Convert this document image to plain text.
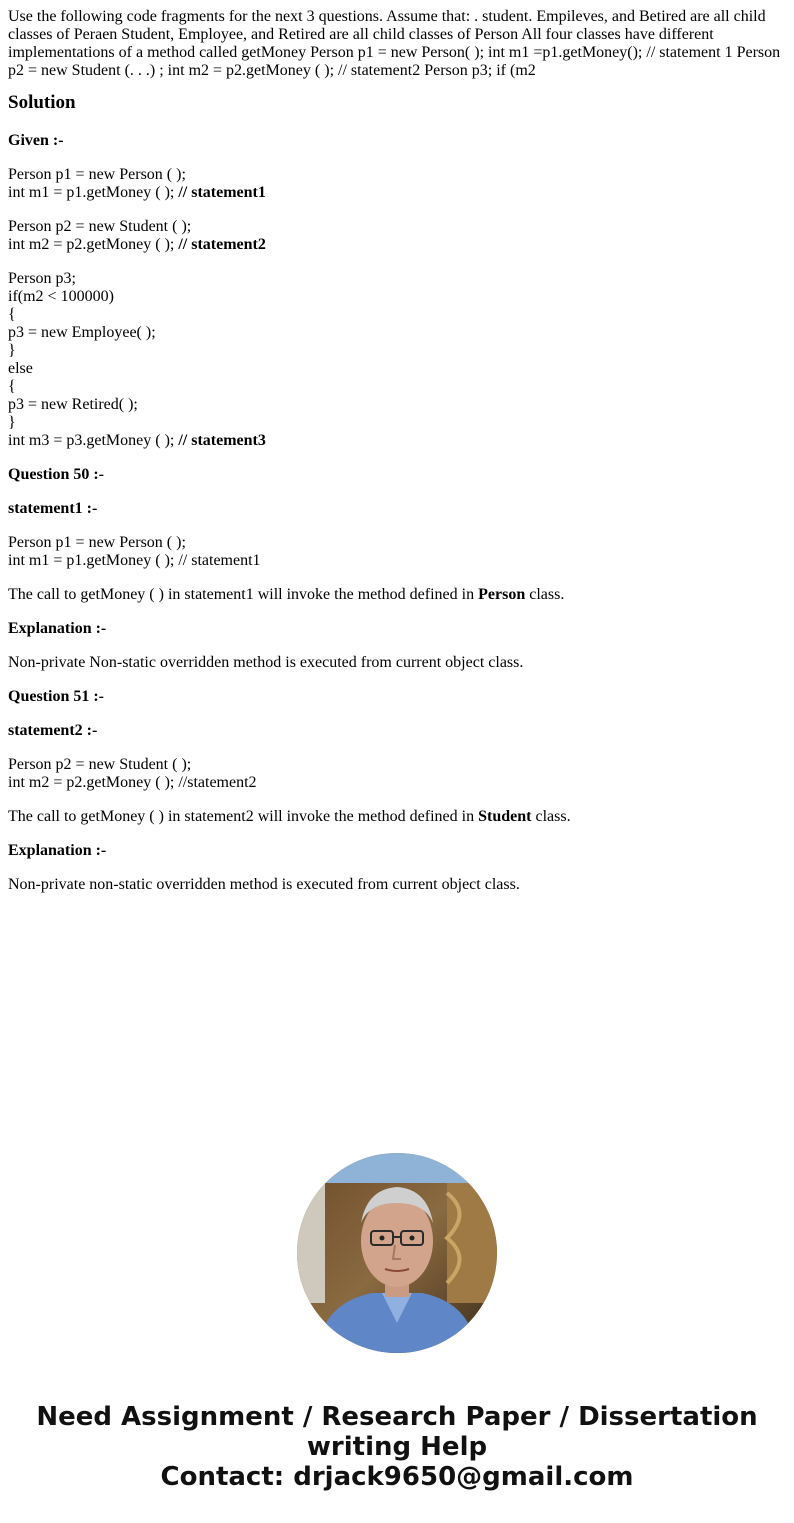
Use the following code fragments for the next 3 questions. Assume that: . student. Empileves, and Betired are all child classes of Peraen Student, Employee, and Retired are all child classes of Person All four classes have different implementations of a method called getMoney Person p1 = new Person( ); int m1 =p1.getMoney(); // statement 1 Person p2 = new Student (. . .) ; int m2 = p2.getMoney ( ); // statement2 Person p3; if (m2

Solution

Given :-

Person p1 = new Person ( );
int m1 = p1.getMoney ( ); // statement1

Person p2 = new Student ( );
int m2 = p2.getMoney ( ); // statement2

Person p3;
if(m2 < 100000)
{
p3 = new Employee( );
}
else
{
p3 = new Retired( );
}
int m3 = p3.getMoney ( ); // statement3

Question 50 :-

statement1 :-

Person p1 = new Person ( );
int m1 = p1.getMoney ( ); // statement1

The call to getMoney ( ) in statement1 will invoke the method defined in Person class.

Explanation :-

Non-private Non-static overridden method is executed from current object class.

Question 51 :-

statement2 :-

Person p2 = new Student ( );
int m2 = p2.getMoney ( ); //statement2

The call to getMoney ( ) in statement2 will invoke the method defined in Student class.

Explanation :-

Non-private non-static overridden method is executed from current object class.

Need Assignment / Research Paper / Dissertation
writing Help
Contact: drjack9650@gmail.com
